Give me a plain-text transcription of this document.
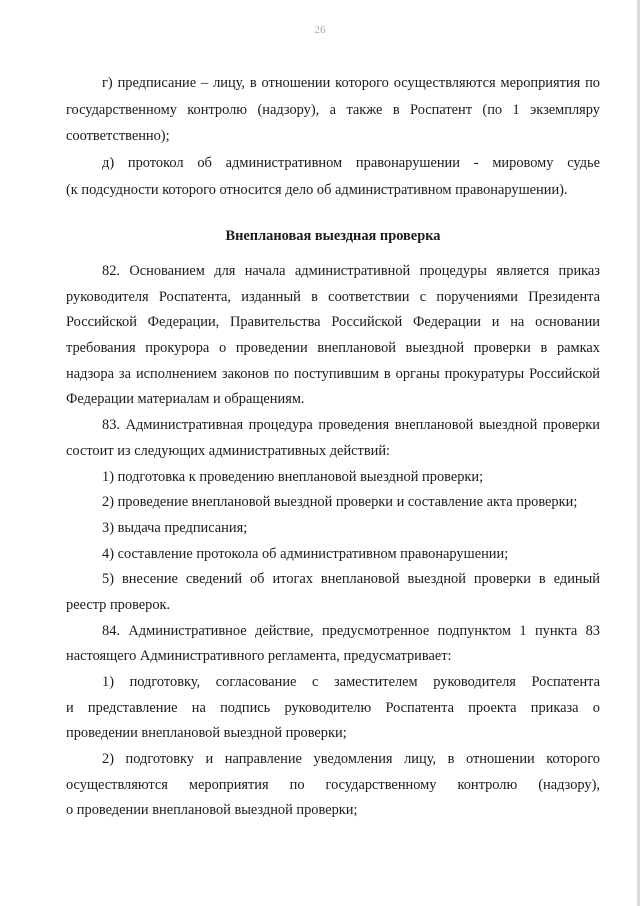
26
г) предписание – лицу, в отношении которого осуществляются мероприятия по
государственному контролю (надзору), а также в Роспатент (по 1 экземпляру
соответственно);
д) протокол об административном правонарушении - мировому судье
(к подсудности которого относится дело об административном правонарушении).
Внеплановая выездная проверка
82. Основанием для начала административной процедуры является приказ
руководителя Роспатента, изданный в соответствии с поручениями Президента
Российской Федерации, Правительства Российской Федерации и на основании
требования прокурора о проведении внеплановой выездной проверки в рамках
надзора за исполнением законов по поступившим в органы прокуратуры Российской
Федерации материалам и обращениям.
83. Административная процедура проведения внеплановой выездной проверки
состоит из следующих административных действий:
1) подготовка к проведению внеплановой выездной проверки;
2) проведение внеплановой выездной проверки и составление акта проверки;
3) выдача предписания;
4) составление протокола об административном правонарушении;
5) внесение сведений об итогах внеплановой выездной проверки в единый
реестр проверок.
84. Административное действие, предусмотренное подпунктом 1 пункта 83
настоящего Административного регламента, предусматривает:
1) подготовку, согласование с заместителем руководителя Роспатента
и представление на подпись руководителю Роспатента проекта приказа о
проведении внеплановой выездной проверки;
2) подготовку и направление уведомления лицу, в отношении которого
осуществляются мероприятия по государственному контролю (надзору),
о проведении внеплановой выездной проверки;
